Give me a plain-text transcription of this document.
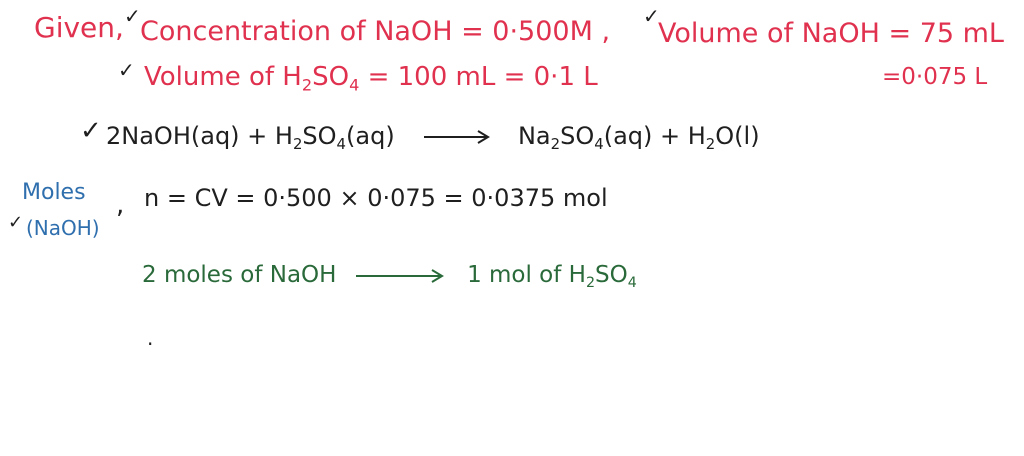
Given, ✓ Concentration of NaOH = 0·500M , ✓
Volume of NaOH = 75 mL
✓ Volume of $H_2SO_4 = 100$ mL = 0·1 L	=0·075 L
✓ 2NaOH(aq) + $H_2SO_4(aq) \to Na_2SO_4(aq) + H_2O(l)$
Moles
✓ (NaOH)
, n = CV = 0·500 × 0·075 = 0·0375 mol
2 moles of NaOH	1 mol of $H_2SO_4$
.
